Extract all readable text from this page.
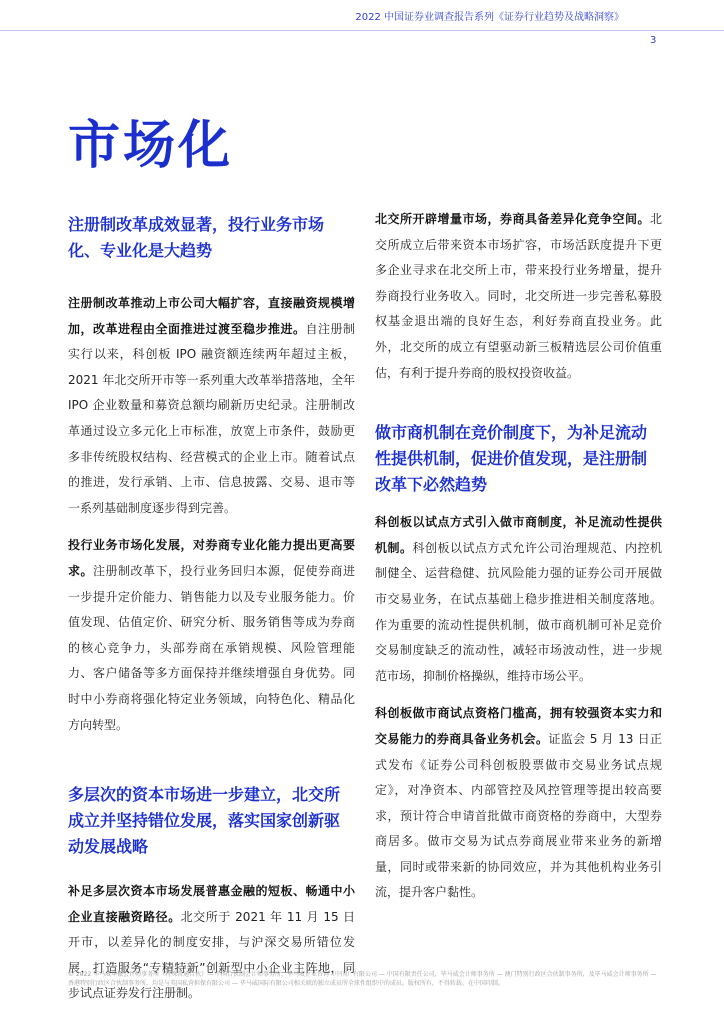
2022 中国证券业调查报告系列《证券行业趋势及战略洞察》
3
市场化
注册制改革成效显著，投行业务市场化、专业化是大趋势

注册制改革推动上市公司大幅扩容，直接融资规模增加，改革进程由全面推进过渡至稳步推进。自注册制实行以来，科创板 IPO 融资额连续两年超过主板， 2021 年北交所开市等一系列重大改革举措落地，全年 IPO 企业数量和募资总额均刷新历史纪录。注册制改革通过设立多元化上市标准，放宽上市条件，鼓励更多非传统股权结构、经营模式的企业上市。随着试点的推进，发行承销、上市、信息披露、交易、退市等一系列基础制度逐步得到完善。

投行业务市场化发展，对券商专业化能力提出更高要求。注册制改革下，投行业务回归本源，促使券商进一步提升定价能力、销售能力以及专业服务能力。价值发现、估值定价、研究分析、服务销售等成为券商的核心竞争力，头部券商在承销规模、风险管理能力、客户储备等多方面保持并继续增强自身优势。同时中小券商将强化特定业务领域，向特色化、精品化方向转型。

多层次的资本市场进一步建立，北交所成立并坚持错位发展，落实国家创新驱动发展战略

补足多层次资本市场发展普惠金融的短板、畅通中小企业直接融资路径。北交所于 2021 年 11 月 15 日开市，以差异化的制度安排，与沪深交易所错位发展，打造服务“专精特新”创新型中小企业主阵地，同步试点证券发行注册制。

北交所开辟增量市场，券商具备差异化竞争空间。北交所成立后带来资本市场扩容，市场活跃度提升下更多企业寻求在北交所上市，带来投行业务增量，提升券商投行业务收入。同时，北交所进一步完善私募股权基金退出端的良好生态，利好券商直投业务。此外，北交所的成立有望驱动新三板精选层公司价值重估，有利于提升券商的股权投资收益。

做市商机制在竞价制度下，为补足流动性提供机制，促进价值发现，是注册制改革下必然趋势

科创板以试点方式引入做市商制度，补足流动性提供机制。科创板以试点方式允许公司治理规范、内控机制健全、运营稳健、抗风险能力强的证券公司开展做市交易业务，在试点基础上稳步推进相关制度落地。作为重要的流动性提供机制，做市商机制可补足竞价交易制度缺乏的流动性，减轻市场波动性，进一步规范市场，抑制价格操纵，维持市场公平。

科创板做市商试点资格门槛高，拥有较强资本实力和交易能力的券商具备业务机会。证监会 5 月 13 日正式发布《证券公司科创板股票做市交易业务试点规定》，对净资本、内部管控及风控管理等提出较高要求，预计符合申请首批做市商资格的券商中，大型券商居多。做市交易为试点券商展业带来业务的新增量，同时或带来新的协同效应，并为其他机构业务引流，提升客户黏性。

© 2022 毕马威华振会计师事务所（特殊普通合伙）— 中国合伙制会计师事务所，毕马威企业咨询（中国）有限公司 — 中国有限责任公司，毕马威会计师事务所 — 澳门特别行政区合伙制事务所，及毕马威会计师事务所 — 香港特别行政区合伙制事务所，均是与英国私营担保有限公司 — 毕马威国际有限公司相关联的独立成员所全球性组织中的成员。版权所有，不得转载。在中国印制。
